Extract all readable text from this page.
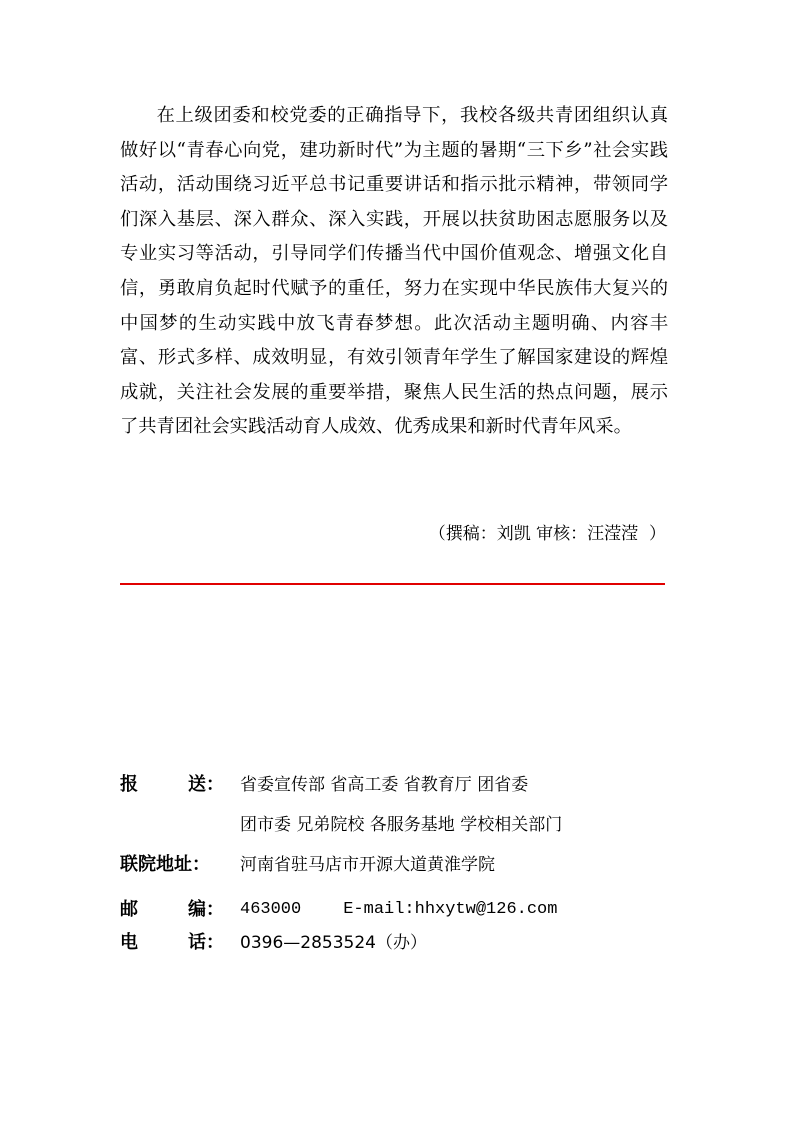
在上级团委和校党委的正确指导下，我校各级共青团组织认真做好以“青春心向党，建功新时代”为主题的暑期“三下乡”社会实践活动，活动围绕习近平总书记重要讲话和指示批示精神，带领同学们深入基层、深入群众、深入实践，开展以扶贫助困志愿服务以及专业实习等活动，引导同学们传播当代中国价值观念、增强文化自信，勇敢肩负起时代赋予的重任，努力在实现中华民族伟大复兴的中国梦的生动实践中放飞青春梦想。此次活动主题明确、内容丰富、形式多样、成效明显，有效引领青年学生了解国家建设的辉煌成就，关注社会发展的重要举措，聚焦人民生活的热点问题，展示了共青团社会实践活动育人成效、优秀成果和新时代青年风采。

（撰稿：刘凯 审核：汪滢滢  ）
报	送： 省委宣传部 省高工委 省教育厅 团省委
团市委 兄弟院校 各服务基地 学校相关部门
联院地址：	河南省驻马店市开源大道黄淮学院
邮	编： 463000 E-mail:hhxytw@126.com
电	话： 0396—2853524（办）
